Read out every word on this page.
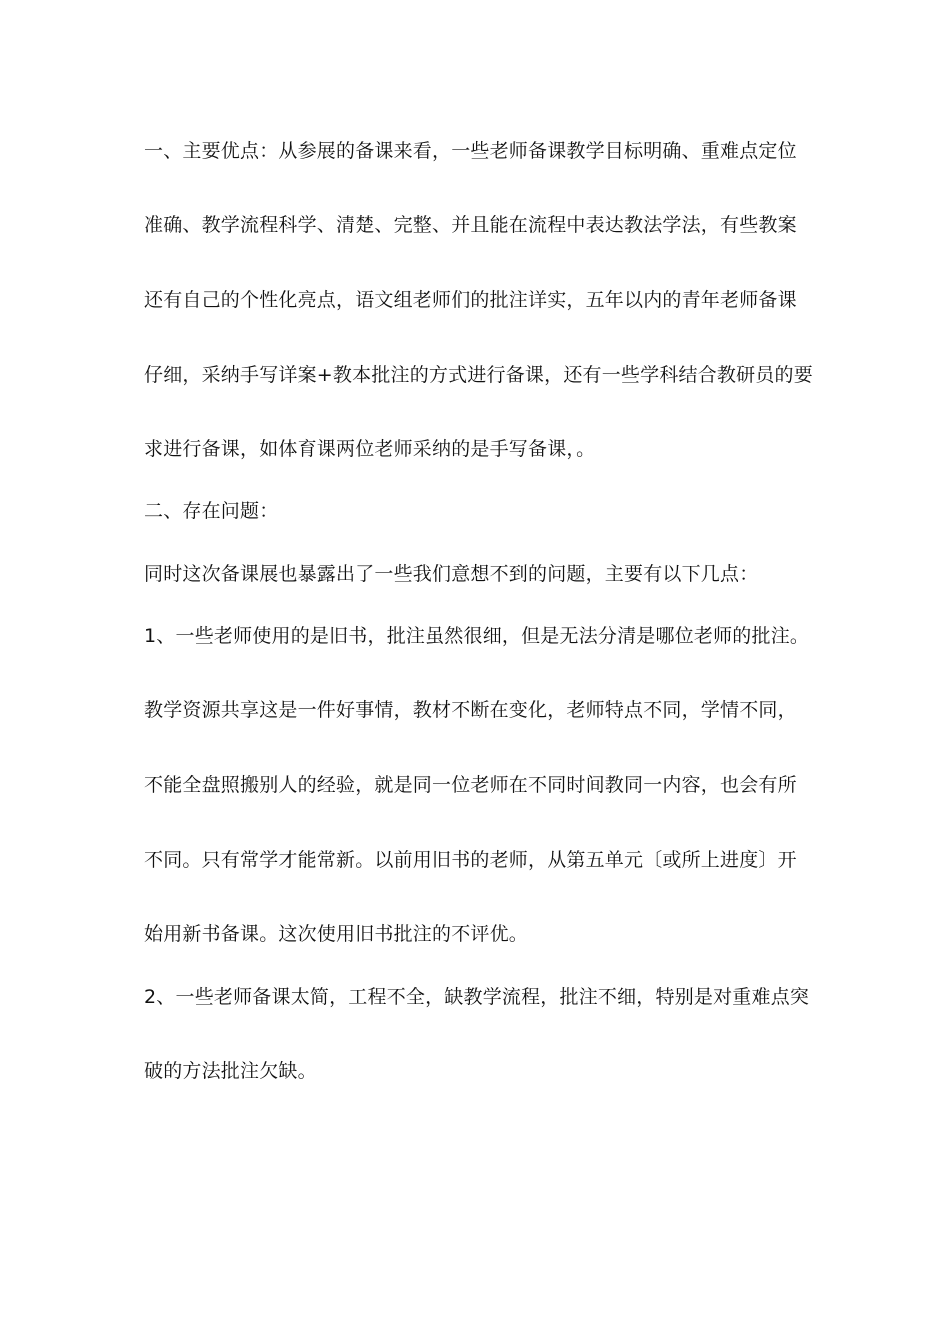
一、主要优点：从参展的备课来看，一些老师备课教学目标明确、重难点定位
准确、教学流程科学、清楚、完整、并且能在流程中表达教法学法，有些教案
还有自己的个性化亮点，语文组老师们的批注详实，五年以内的青年老师备课
仔细，采纳手写详案+教本批注的方式进行备课，还有一些学科结合教研员的要
求进行备课，如体育课两位老师采纳的是手写备课，。
二、存在问题：
同时这次备课展也暴露出了一些我们意想不到的问题，主要有以下几点：
1、一些老师使用的是旧书，批注虽然很细，但是无法分清是哪位老师的批注。
教学资源共享这是一件好事情，教材不断在变化，老师特点不同，学情不同，
不能全盘照搬别人的经验，就是同一位老师在不同时间教同一内容，也会有所
不同。只有常学才能常新。以前用旧书的老师，从第五单元〔或所上进度〕开
始用新书备课。这次使用旧书批注的不评优。
2、一些老师备课太简，工程不全，缺教学流程，批注不细，特别是对重难点突
破的方法批注欠缺。
